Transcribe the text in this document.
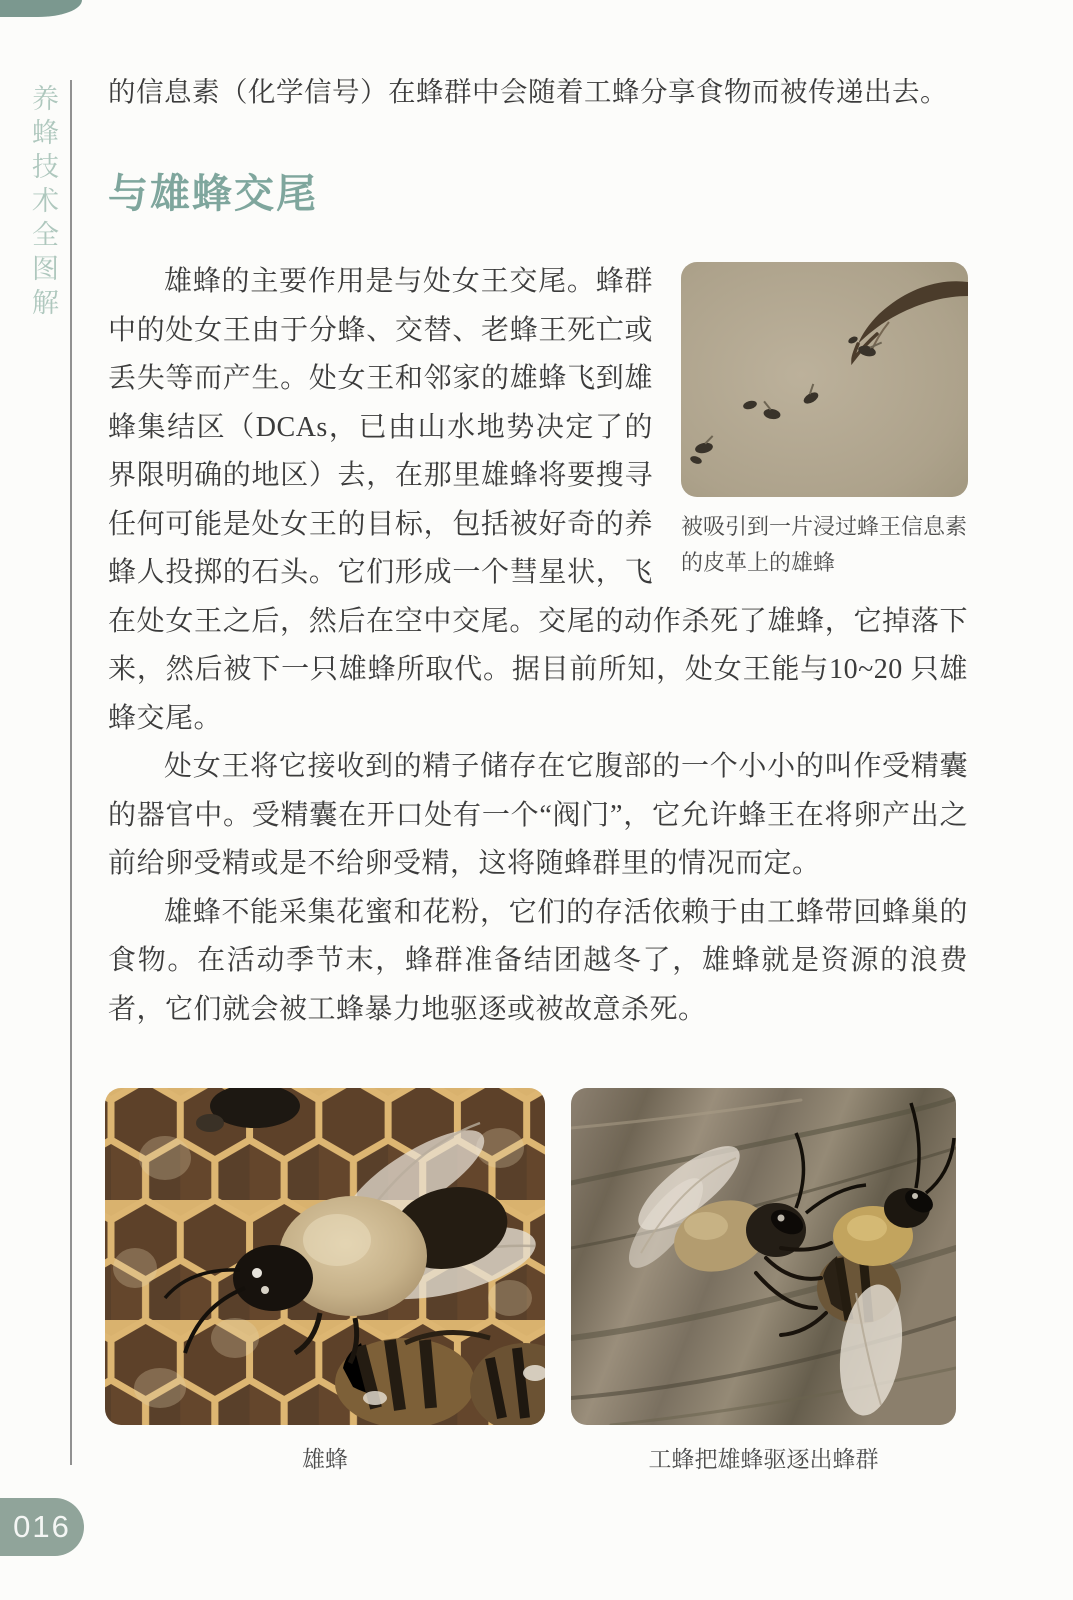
养蜂技术全图解 的信息素（化学信号）在蜂群中会随着工蜂分享食物而被传递出去。

与雄蜂交尾
被吸引到一片浸过蜂王信息素的皮革上的雄蜂

雄蜂的主要作用是与处女王交尾。蜂群中的处女王由于分蜂、交替、老蜂王死亡或丢失等而产生。处女王和邻家的雄蜂飞到雄蜂集结区（DCAs，已由山水地势决定了的界限明确的地区）去，在那里雄蜂将要搜寻任何可能是处女王的目标，包括被好奇的养蜂人投掷的石头。它们形成一个彗星状，飞在处女王之后，然后在空中交尾。交尾的动作杀死了雄蜂，它掉落下来，然后被下一只雄蜂所取代。据目前所知，处女王能与10~20 只雄蜂交尾。

处女王将它接收到的精子储存在它腹部的一个小小的叫作受精囊的器官中。受精囊在开口处有一个“阀门”，它允许蜂王在将卵产出之前给卵受精或是不给卵受精，这将随蜂群里的情况而定。

雄蜂不能采集花蜜和花粉，它们的存活依赖于由工蜂带回蜂巢的食物。在活动季节末，蜂群准备结团越冬了，雄蜂就是资源的浪费者，它们就会被工蜂暴力地驱逐或被故意杀死。

雄蜂	工蜂把雄蜂驱逐出蜂群
016
